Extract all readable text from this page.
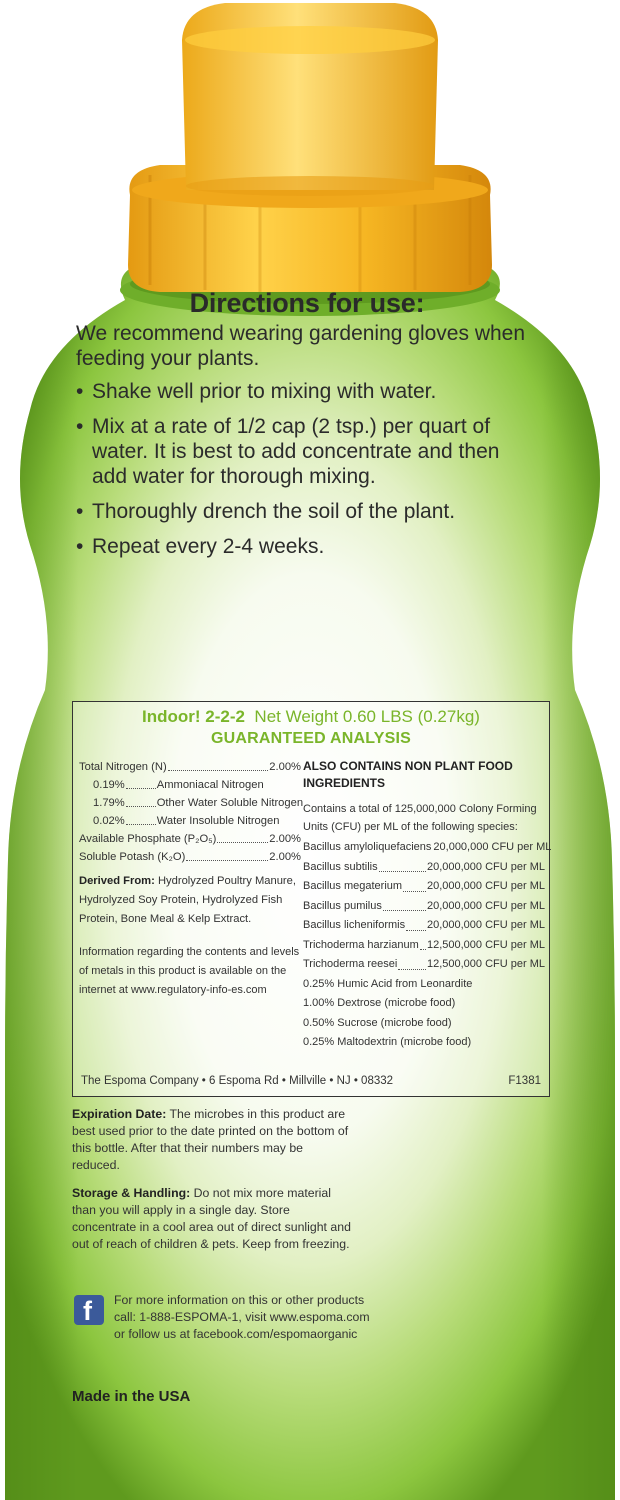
Directions for use:

We recommend wearing gardening gloves when feeding your plants.

• Shake well prior to mixing with water.
• Mix at a rate of 1/2 cap (2 tsp.) per quart of water. It is best to add concentrate and then add water for thorough mixing.
• Thoroughly drench the soil of the plant.
• Repeat every 2-4 weeks.
Indoor! 2-2-2 Net Weight 0.60 LBS (0.27kg)
GUARANTEED ANALYSIS
Total Nitrogen (N)	2.00%
0.19%	Ammoniacal Nitrogen
1.79%	Other Water Soluble Nitrogen
0.02%	Water Insoluble Nitrogen
Available Phosphate (P₂O₅)	2.00%
Soluble Potash (K₂O)	2.00%
Derived From: Hydrolyzed Poultry Manure, Hydrolyzed Soy Protein, Hydrolyzed Fish Protein, Bone Meal & Kelp Extract.
Information regarding the contents and levels of metals in this product is available on the internet at www.regulatory-info-es.com
ALSO CONTAINS NON PLANT FOOD INGREDIENTS
Contains a total of 125,000,000 Colony Forming Units (CFU) per ML of the following species:
Bacillus amyloliquefaciens 20,000,000 CFU per ML
Bacillus subtilis	20,000,000 CFU per ML
Bacillus megaterium 20,000,000 CFU per ML
Bacillus pumilus	20,000,000 CFU per ML
Bacillus licheniformis 20,000,000 CFU per ML
Trichoderma harzianum 12,500,000 CFU per ML
Trichoderma reesei	12,500,000 CFU per ML
0.25% Humic Acid from Leonardite
1.00% Dextrose (microbe food)
0.50% Sucrose (microbe food)
0.25% Maltodextrin (microbe food)
The Espoma Company • 6 Espoma Rd • Millville • NJ • 08332	F1381
Expiration Date: The microbes in this product are best used prior to the date printed on the bottom of this bottle. After that their numbers may be reduced.
Storage & Handling: Do not mix more material than you will apply in a single day. Store concentrate in a cool area out of direct sunlight and out of reach of children & pets. Keep from freezing.
f For more information on this or other products call: 1-888-ESPOMA-1, visit www.espoma.com or follow us at facebook.com/espomaorganic
Made in the USA
